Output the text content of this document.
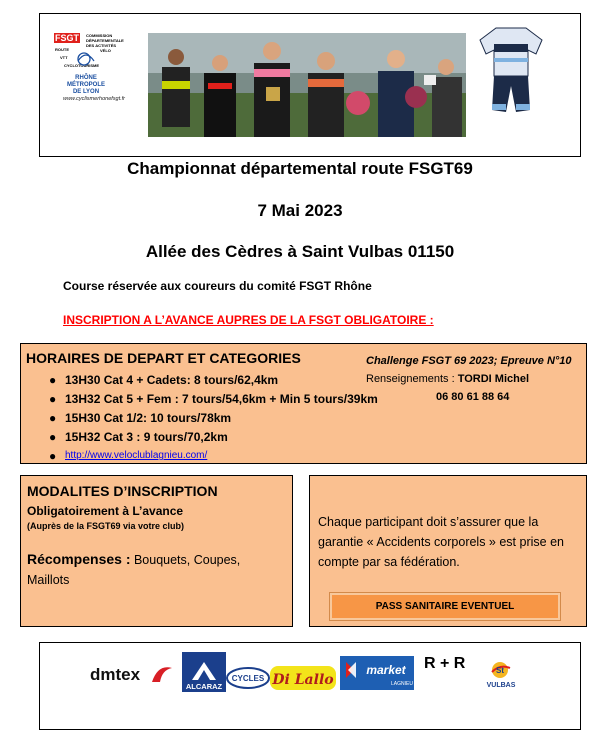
FSGT COMMISSION
DÉPARTEMENTALE
DES ACTIVITÉS
VÉLO
ROUTE
VTT
CYCLOTOURISME
RHÔNE
MÉTROPOLE
DE LYON
www.cyclismerhonefsgt.fr
Championnat départemental route FSGT69
7 Mai 2023
Allée des Cèdres à Saint Vulbas 01150
Course réservée aux coureurs du comité FSGT Rhône
INSCRIPTION A L’AVANCE AUPRES DE LA FSGT OBLIGATOIRE :
HORAIRES DE DEPART ET CATEGORIES	Challenge FSGT 69 2023; Epreuve N°10
Renseignements : TORDI Michel
06 80 61 88 64
● 13H30 Cat 4 + Cadets: 8 tours/62,4km
● 13H32 Cat 5 + Fem : 7 tours/54,6km + Min 5 tours/39km
● 15H30 Cat 1/2: 10 tours/78km
● 15H32 Cat 3 : 9 tours/70,2km
● http://www.veloclublagnieu.com/
MODALITES D’INSCRIPTION
Obligatoirement à L’avance
(Auprès de la FSGT69 via votre club)
Récompenses : Bouquets, Coupes, Maillots
Chaque participant doit s’assurer que la garantie « Accidents corporels » est prise en compte par sa fédération.
PASS SANITAIRE EVENTUEL
dmtex
ALCARAZ
CYCLES Di Lallo
market
LAGNIEU
R + R	St
VULBAS
